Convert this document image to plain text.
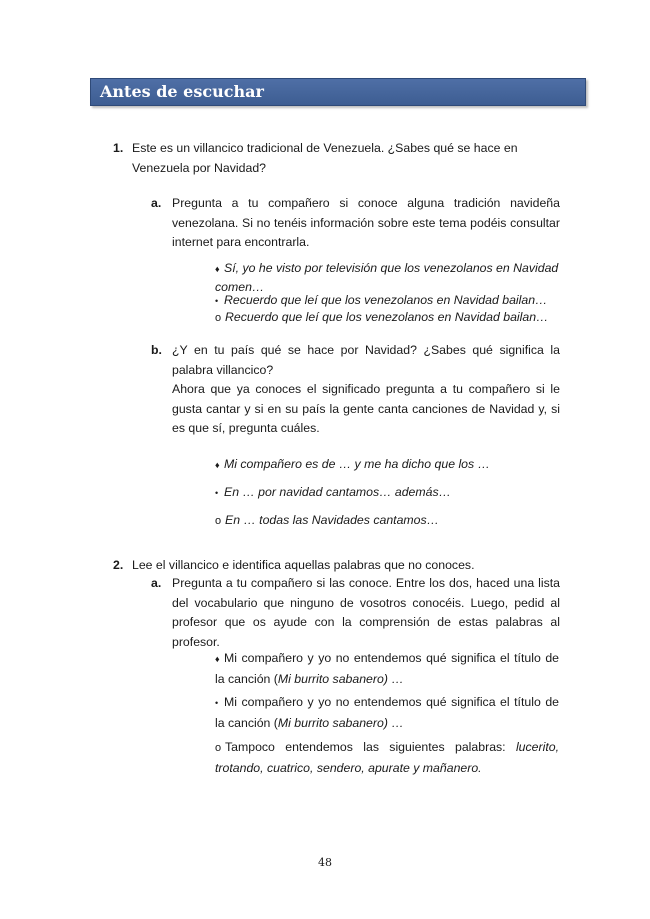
Antes de escuchar
1. Este es un villancico tradicional de Venezuela. ¿Sabes qué se hace en Venezuela por Navidad?
a. Pregunta a tu compañero si conoce alguna tradición navideña venezolana. Si no tenéis información sobre este tema podéis consultar internet para encontrarla.
♦ Sí, yo he visto por televisión que los venezolanos en Navidad comen…
• Recuerdo que leí que los venezolanos en Navidad bailan…
o Recuerdo que leí que los venezolanos en Navidad bailan…
b. ¿Y en tu país qué se hace por Navidad? ¿Sabes qué significa la palabra villancico?
Ahora que ya conoces el significado pregunta a tu compañero si le gusta cantar y si en su país la gente canta canciones de Navidad y, si es que sí, pregunta cuáles.
♦ Mi compañero es de … y me ha dicho que los …
• En … por navidad cantamos… además…
o En … todas las Navidades cantamos…
2. Lee el villancico e identifica aquellas palabras que no conoces.
a. Pregunta a tu compañero si las conoce. Entre los dos, haced una lista del vocabulario que ninguno de vosotros conocéis. Luego, pedid al profesor que os ayude con la comprensión de estas palabras al profesor.
♦ Mi compañero y yo no entendemos qué significa el título de la canción (Mi burrito sabanero) …
• Mi compañero y yo no entendemos qué significa el título de la canción (Mi burrito sabanero) …
o Tampoco entendemos las siguientes palabras: lucerito, trotando, cuatrico, sendero, apurate y mañanero.
48
